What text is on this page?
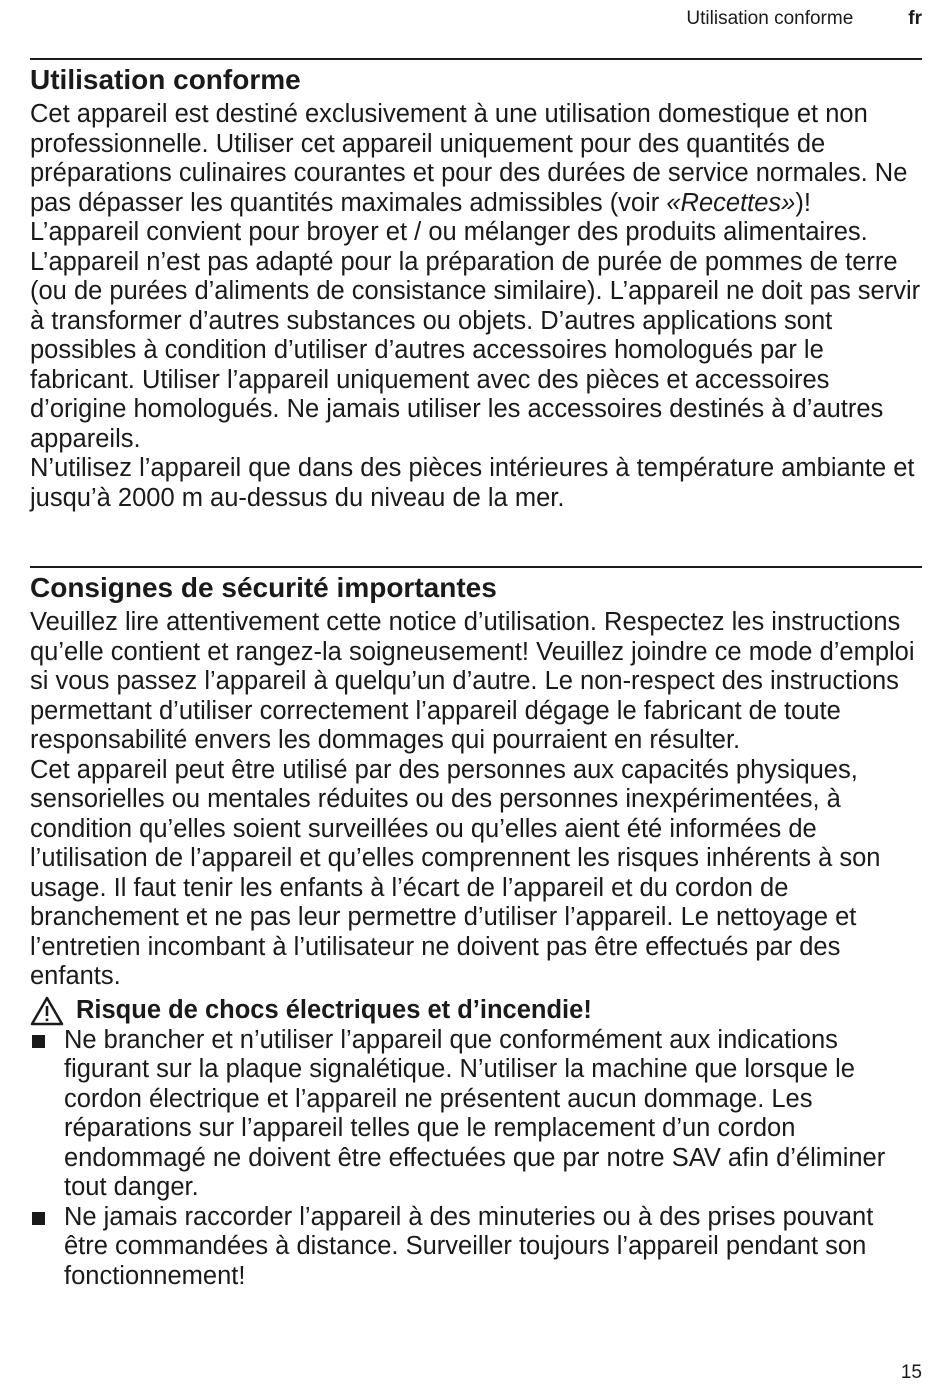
Utilisation conforme	fr
Utilisation conforme

Cet appareil est destiné exclusivement à une utilisation domestique et non professionnelle. Utiliser cet appareil uniquement pour des quantités de préparations culinaires courantes et pour des durées de service normales. Ne pas dépasser les quantités maximales admissibles (voir «Recettes»)! L’appareil convient pour broyer et / ou mélanger des produits alimentaires. L’appareil n’est pas adapté pour la préparation de purée de pommes de terre (ou de purées d’aliments de consistance similaire). L’appareil ne doit pas servir à transformer d’autres substances ou objets. D’autres applications sont possibles à condition d’utiliser d’autres accessoires homologués par le fabricant. Utiliser l’appareil uniquement avec des pièces et accessoires d’origine homologués. Ne jamais utiliser les accessoires destinés à d’autres appareils.

N’utilisez l’appareil que dans des pièces intérieures à température ambiante et jusqu’à 2000 m au-dessus du niveau de la mer.

Consignes de sécurité importantes

Veuillez lire attentivement cette notice d’utilisation. Respectez les instructions qu’elle contient et rangez-la soigneusement! Veuillez joindre ce mode d’emploi si vous passez l’appareil à quelqu’un d’autre. Le non-respect des instructions permettant d’utiliser correctement l’appareil dégage le fabricant de toute responsabilité envers les dommages qui pourraient en résulter.

Cet appareil peut être utilisé par des personnes aux capacités physiques, sensorielles ou mentales réduites ou des personnes inexpérimentées, à condition qu’elles soient surveillées ou qu’elles aient été informées de l’utilisation de l’appareil et qu’elles comprennent les risques inhérents à son usage. Il faut tenir les enfants à l’écart de l’appareil et du cordon de branchement et ne pas leur permettre d’utiliser l’appareil. Le nettoyage et l’entretien incombant à l’utilisateur ne doivent pas être effectués par des enfants.

Risque de chocs électriques et d’incendie!
Ne brancher et n’utiliser l’appareil que conformément aux indications figurant sur la plaque signalétique. N’utiliser la machine que lorsque le cordon électrique et l’appareil ne présentent aucun dommage. Les réparations sur l’appareil telles que le remplacement d’un cordon endommagé ne doivent être effectuées que par notre SAV afin d’éliminer tout danger.
Ne jamais raccorder l’appareil à des minuteries ou à des prises pouvant être commandées à distance. Surveiller toujours l’appareil pendant son fonctionnement!
15
